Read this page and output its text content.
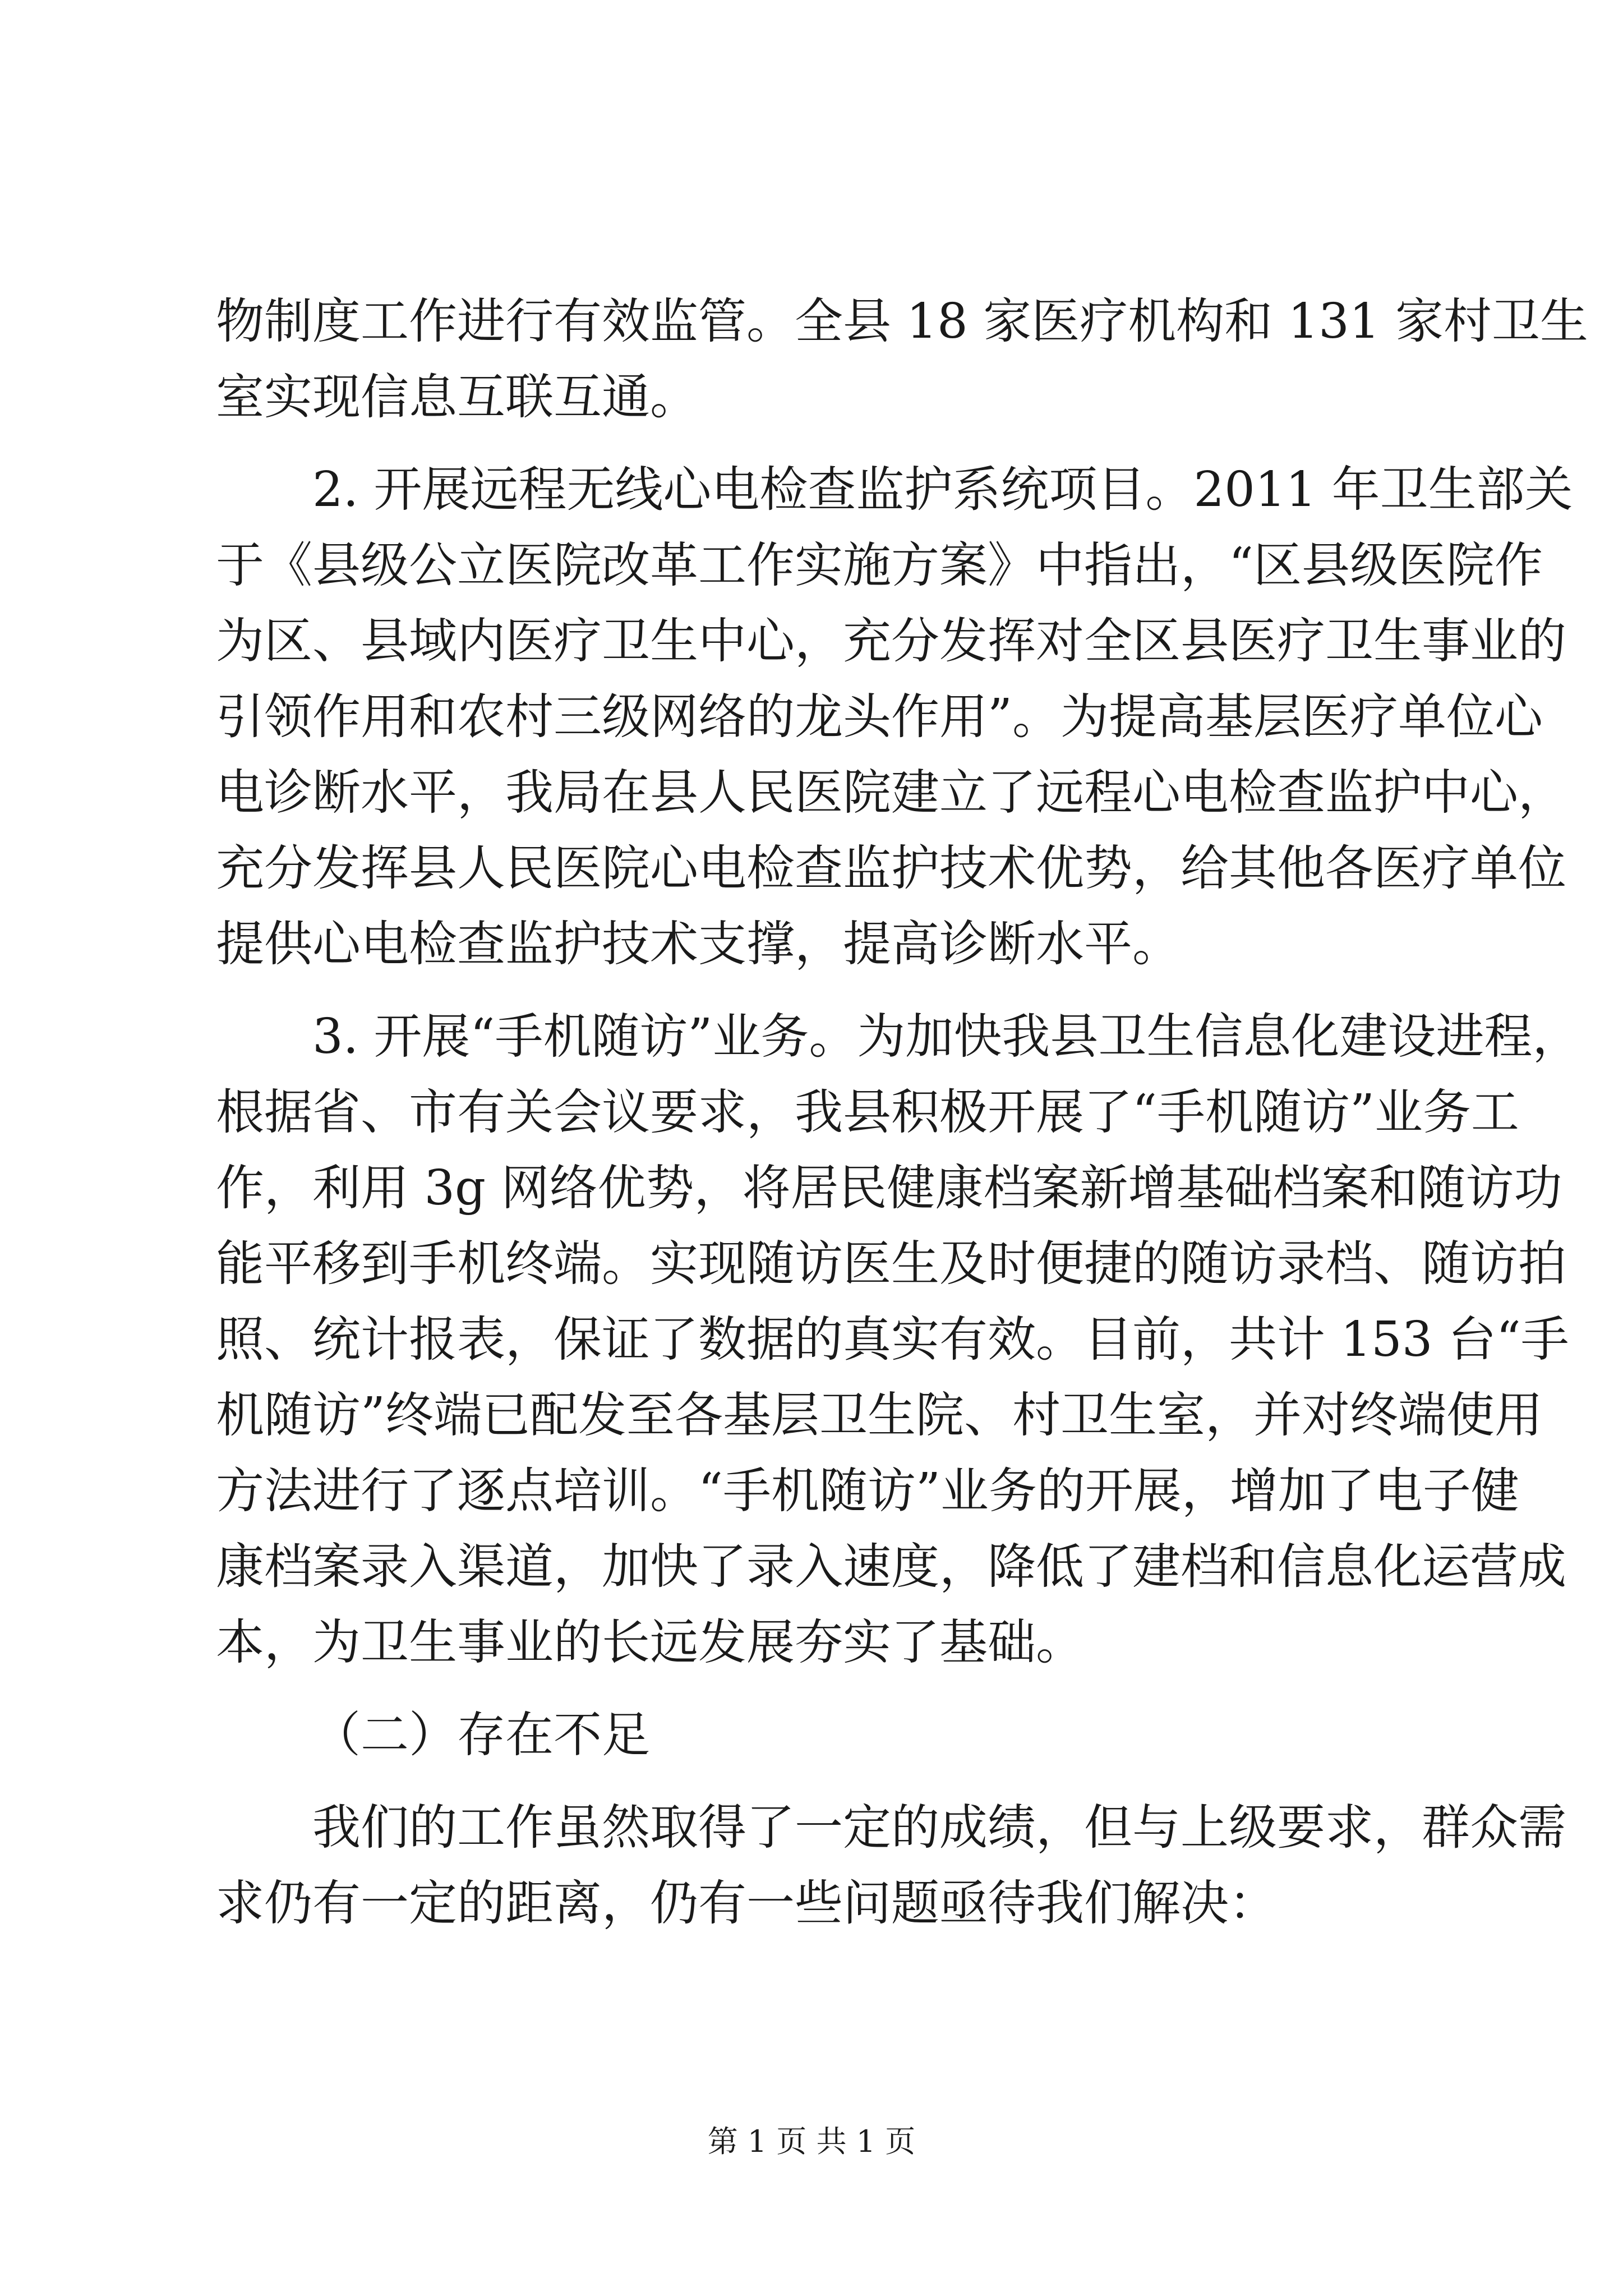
物制度工作进行有效监管。全县 18 家医疗机构和 131 家村卫生
室实现信息互联互通。
2. 开展远程无线心电检查监护系统项目。2011 年卫生部关
于《县级公立医院改革工作实施方案》中指出，“区县级医院作
为区、县域内医疗卫生中心，充分发挥对全区县医疗卫生事业的
引领作用和农村三级网络的龙头作用”。为提高基层医疗单位心
电诊断水平，我局在县人民医院建立了远程心电检查监护中心，
充分发挥县人民医院心电检查监护技术优势，给其他各医疗单位
提供心电检查监护技术支撑，提高诊断水平。
3. 开展“手机随访”业务。为加快我县卫生信息化建设进程，
根据省、市有关会议要求，我县积极开展了“手机随访”业务工
作，利用 3g 网络优势，将居民健康档案新增基础档案和随访功
能平移到手机终端。实现随访医生及时便捷的随访录档、随访拍
照、统计报表，保证了数据的真实有效。目前，共计 153 台“手
机随访”终端已配发至各基层卫生院、村卫生室，并对终端使用
方法进行了逐点培训。“手机随访”业务的开展，增加了电子健
康档案录入渠道，加快了录入速度，降低了建档和信息化运营成
本，为卫生事业的长远发展夯实了基础。
（二）存在不足
我们的工作虽然取得了一定的成绩，但与上级要求，群众需
求仍有一定的距离，仍有一些问题亟待我们解决：
第 1 页 共 1 页
